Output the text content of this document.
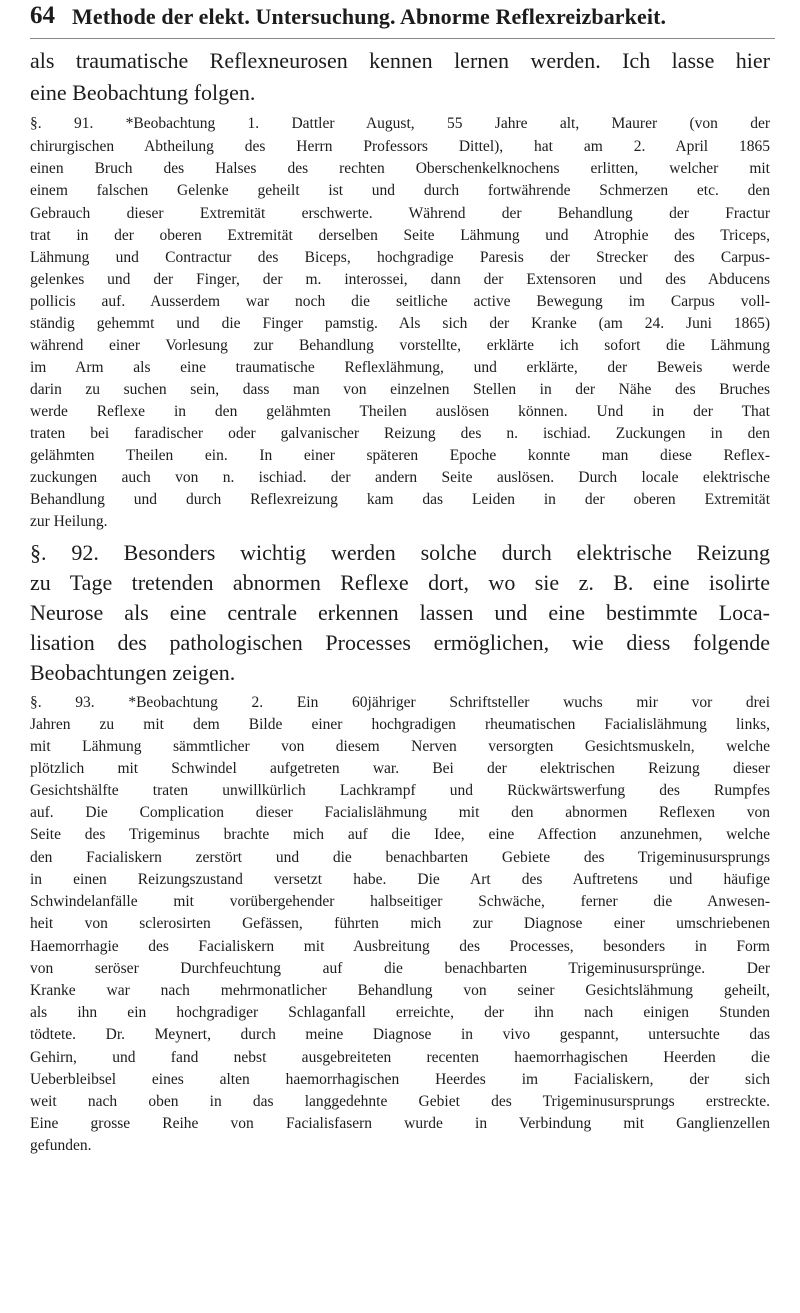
64 Methode der elekt. Untersuchung. Abnorme Reflexreizbarkeit.
als traumatische Reflexneurosen kennen lernen werden. Ich lasse hier
eine Beobachtung folgen.
§. 91. *Beobachtung 1. Dattler August, 55 Jahre alt, Maurer (von der
chirurgischen Abtheilung des Herrn Professors Dittel), hat am 2. April 1865
einen Bruch des Halses des rechten Oberschenkelknochens erlitten, welcher mit
einem falschen Gelenke geheilt ist und durch fortwährende Schmerzen etc. den
Gebrauch dieser Extremität erschwerte. Während der Behandlung der Fractur
trat in der oberen Extremität derselben Seite Lähmung und Atrophie des Triceps,
Lähmung und Contractur des Biceps, hochgradige Paresis der Strecker des Carpus-
gelenkes und der Finger, der m. interossei, dann der Extensoren und des Abducens
pollicis auf. Ausserdem war noch die seitliche active Bewegung im Carpus voll-
ständig gehemmt und die Finger pamstig. Als sich der Kranke (am 24. Juni 1865)
während einer Vorlesung zur Behandlung vorstellte, erklärte ich sofort die Lähmung
im Arm als eine traumatische Reflexlähmung, und erklärte, der Beweis werde
darin zu suchen sein, dass man von einzelnen Stellen in der Nähe des Bruches
werde Reflexe in den gelähmten Theilen auslösen können. Und in der That
traten bei faradischer oder galvanischer Reizung des n. ischiad. Zuckungen in den
gelähmten Theilen ein. In einer späteren Epoche konnte man diese Reflex-
zuckungen auch von n. ischiad. der andern Seite auslösen. Durch locale elektrische
Behandlung und durch Reflexreizung kam das Leiden in der oberen Extremität
zur Heilung.
§. 92. Besonders wichtig werden solche durch elektrische Reizung
zu Tage tretenden abnormen Reflexe dort, wo sie z. B. eine isolirte
Neurose als eine centrale erkennen lassen und eine bestimmte Loca-
lisation des pathologischen Processes ermöglichen, wie diess folgende
Beobachtungen zeigen.
§. 93. *Beobachtung 2. Ein 60jähriger Schriftsteller wuchs mir vor drei
Jahren zu mit dem Bilde einer hochgradigen rheumatischen Facialislähmung links,
mit Lähmung sämmtlicher von diesem Nerven versorgten Gesichtsmuskeln, welche
plötzlich mit Schwindel aufgetreten war. Bei der elektrischen Reizung dieser
Gesichtshälfte traten unwillkürlich Lachkrampf und Rückwärtswerfung des Rumpfes
auf. Die Complication dieser Facialislähmung mit den abnormen Reflexen von
Seite des Trigeminus brachte mich auf die Idee, eine Affection anzunehmen, welche
den Facialiskern zerstört und die benachbarten Gebiete des Trigeminusursprungs
in einen Reizungszustand versetzt habe. Die Art des Auftretens und häufige
Schwindelanfälle mit vorübergehender halbseitiger Schwäche, ferner die Anwesen-
heit von sclerosirten Gefässen, führten mich zur Diagnose einer umschriebenen
Haemorrhagie des Facialiskern mit Ausbreitung des Processes, besonders in Form
von seröser Durchfeuchtung auf die benachbarten Trigeminusursprünge. Der
Kranke war nach mehrmonatlicher Behandlung von seiner Gesichtslähmung geheilt,
als ihn ein hochgradiger Schlaganfall erreichte, der ihn nach einigen Stunden
tödtete. Dr. Meynert, durch meine Diagnose in vivo gespannt, untersuchte das
Gehirn, und fand nebst ausgebreiteten recenten haemorrhagischen Heerden die
Ueberbleibsel eines alten haemorrhagischen Heerdes im Facialiskern, der sich
weit nach oben in das langgedehnte Gebiet des Trigeminusursprungs erstreckte.
Eine grosse Reihe von Facialisfasern wurde in Verbindung mit Ganglienzellen
gefunden.
